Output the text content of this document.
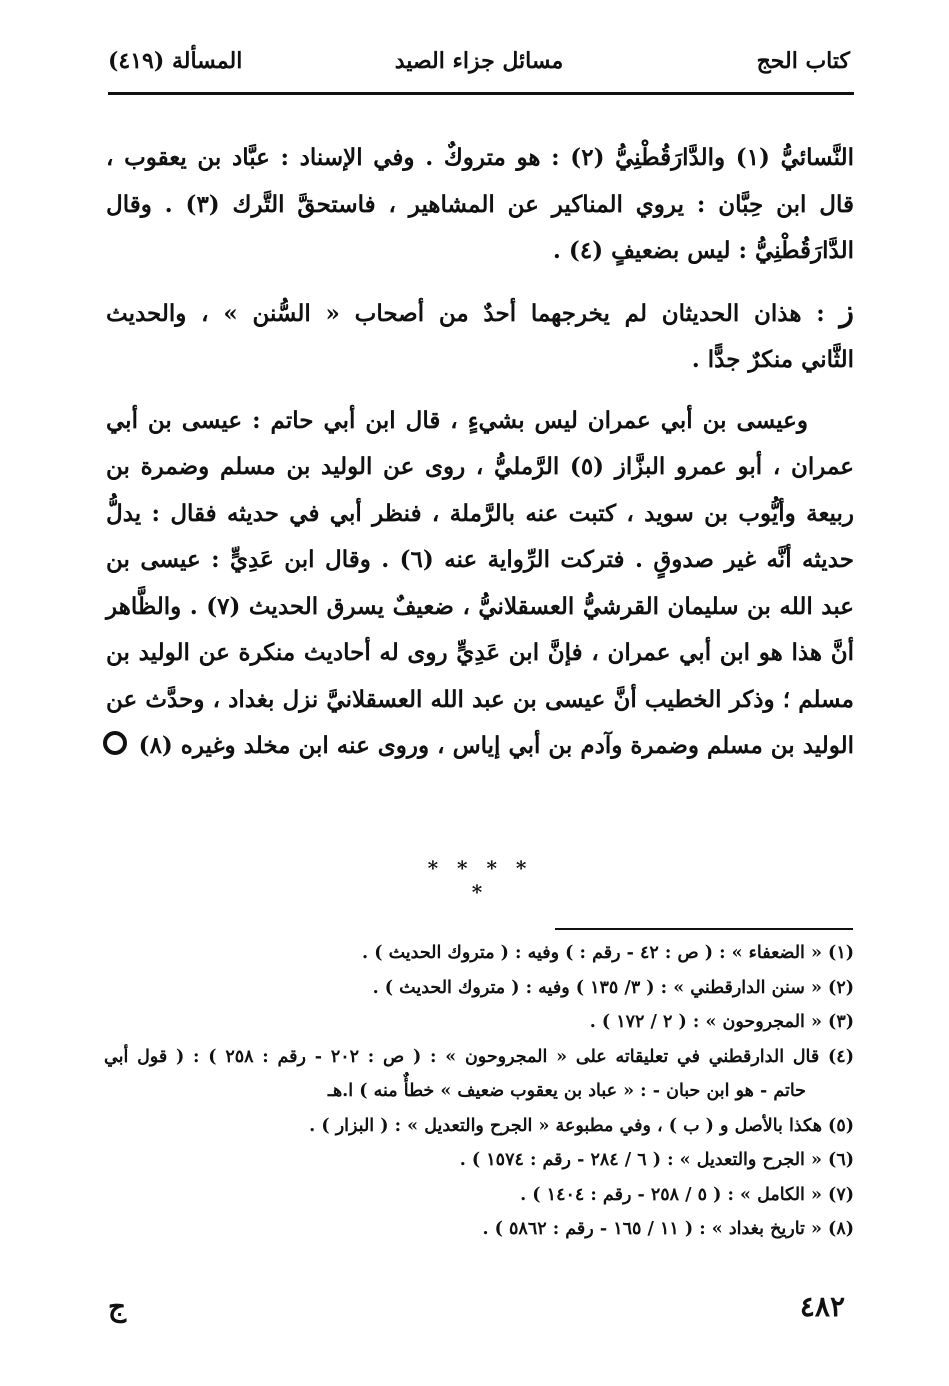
كتاب الحج
مسائل جزاء الصيد
المسألة (٤١٩)

النَّسائيُّ (١) والدَّارَقُطْنِيُّ (٢) : هو متروكٌ . وفي الإسناد : عبَّاد بن يعقوب ،
قال ابن حِبَّان : يروي المناكير عن المشاهير ، فاستحقَّ التَّرك (٣) . وقال
الدَّارَقُطْنِيُّ : ليس بضعيفٍ (٤) .

ز : هذان الحديثان لم يخرجهما أحدٌ من أصحاب « السُّنن » ، والحديث
الثَّاني منكرٌ جدًّا .

وعيسى بن أبي عمران ليس بشيءٍ ، قال ابن أبي حاتم : عيسى بن أبي
عمران ، أبو عمرو البزَّاز (٥) الرَّمليُّ ، روى عن الوليد بن مسلم وضمرة بن
ربيعة وأيُّوب بن سويد ، كتبت عنه بالرَّملة ، فنظر أبي في حديثه فقال : يدلُّ
حديثه أنَّه غير صدوقٍ . فتركت الرِّواية عنه (٦) . وقال ابن عَدِيٍّ : عيسى بن
عبد الله بن سليمان القرشيُّ العسقلانيُّ ، ضعيفٌ يسرق الحديث (٧) . والظَّاهر
أنَّ هذا هو ابن أبي عمران ، فإنَّ ابن عَدِيٍّ روى له أحاديث منكرة عن الوليد بن
مسلم ؛ وذكر الخطيب أنَّ عيسى بن عبد الله العسقلانيَّ نزل بغداد ، وحدَّث عن
الوليد بن مسلم وضمرة وآدم بن أبي إياس ، وروى عنه ابن مخلد وغيره (٨)

* * * * *
(١) « الضعفاء » : ( ص : ٤٢ - رقم : ) وفيه : ( متروك الحديث ) .
(٢) « سنن الدارقطني » : ( ٣/ ١٣٥ ) وفيه : ( متروك الحديث ) .
(٣) « المجروحون » : ( ٢ / ١٧٢ ) .
(٤) قال الدارقطني في تعليقاته على « المجروحون » : ( ص : ٢٠٢ - رقم : ٢٥٨ ) : ( قول أبي
حاتم - هو ابن حبان - : « عباد بن يعقوب ضعيف » خطأٌ منه ) ا.هـ
(٥) هكذا بالأصل و ( ب ) ، وفي مطبوعة « الجرح والتعديل » : ( البزار ) .
(٦) « الجرح والتعديل » : ( ٦ / ٢٨٤ - رقم : ١٥٧٤ ) .
(٧) « الكامل » : ( ٥ / ٢٥٨ - رقم : ١٤٠٤ ) .
(٨) « تاريخ بغداد » : ( ١١ / ١٦٥ - رقم : ٥٨٦٢ ) .
٤٨٢
ج
